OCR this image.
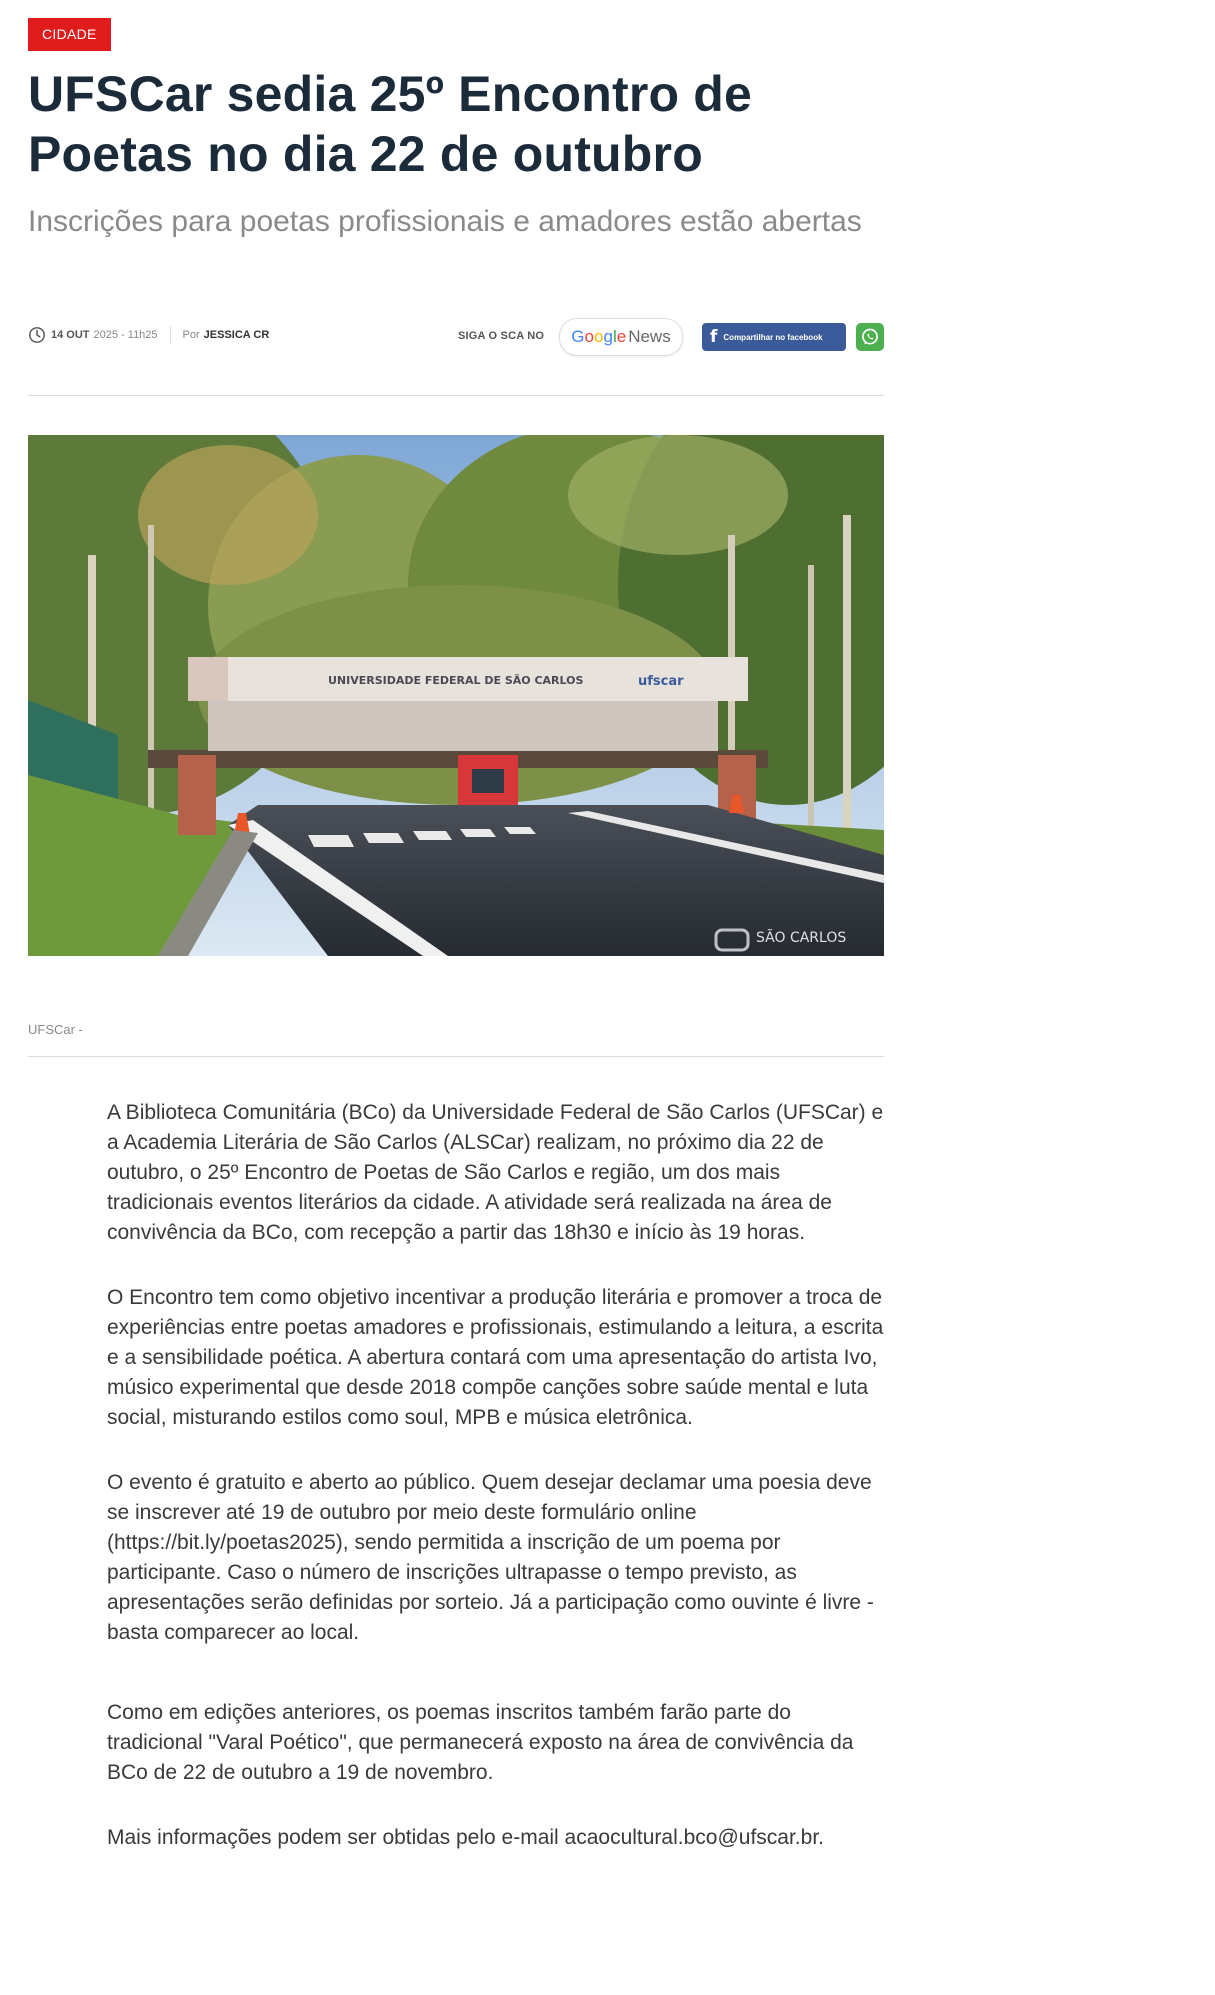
CIDADE
UFSCar sedia 25º Encontro de Poetas no dia 22 de outubro
Inscrições para poetas profissionais e amadores estão abertas
14 OUT 2025 - 11h25 Por JESSICA CR	SIGA O SCA NO Google News f Compartilhar no facebook
UNIVERSIDADE FEDERAL DE SÃO CARLOS	ufscar
SÃO CARLOS
UFSCar -

A Biblioteca Comunitária (BCo) da Universidade Federal de São Carlos (UFSCar) e a Academia Literária de São Carlos (ALSCar) realizam, no próximo dia 22 de outubro, o 25º Encontro de Poetas de São Carlos e região, um dos mais tradicionais eventos literários da cidade. A atividade será realizada na área de convivência da BCo, com recepção a partir das 18h30 e início às 19 horas.

O Encontro tem como objetivo incentivar a produção literária e promover a troca de experiências entre poetas amadores e profissionais, estimulando a leitura, a escrita e a sensibilidade poética. A abertura contará com uma apresentação do artista Ivo, músico experimental que desde 2018 compõe canções sobre saúde mental e luta social, misturando estilos como soul, MPB e música eletrônica.

O evento é gratuito e aberto ao público. Quem desejar declamar uma poesia deve se inscrever até 19 de outubro por meio deste formulário online (https://bit.ly/poetas2025), sendo permitida a inscrição de um poema por participante. Caso o número de inscrições ultrapasse o tempo previsto, as apresentações serão definidas por sorteio. Já a participação como ouvinte é livre - basta comparecer ao local.

Como em edições anteriores, os poemas inscritos também farão parte do tradicional "Varal Poético", que permanecerá exposto na área de convivência da BCo de 22 de outubro a 19 de novembro.

Mais informações podem ser obtidas pelo e-mail acaocultural.bco@ufscar.br.
